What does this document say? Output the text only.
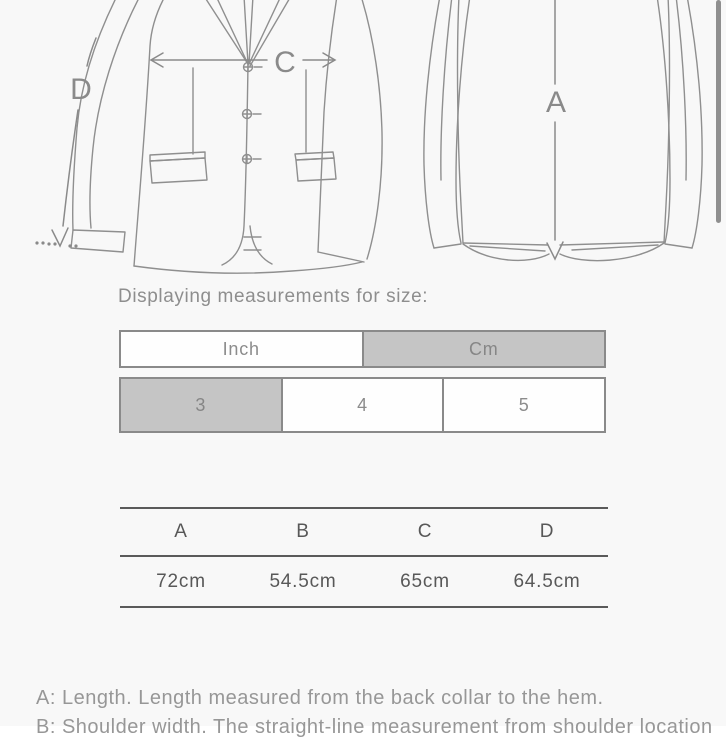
C
D	A
Displaying measurements for size:
Inch	Cm
3	4	5
A	B	C	D
72cm	54.5cm	65cm	64.5cm
A: Length. Length measured from the back collar to the hem.
B: Shoulder width. The straight-line measurement from shoulder location
